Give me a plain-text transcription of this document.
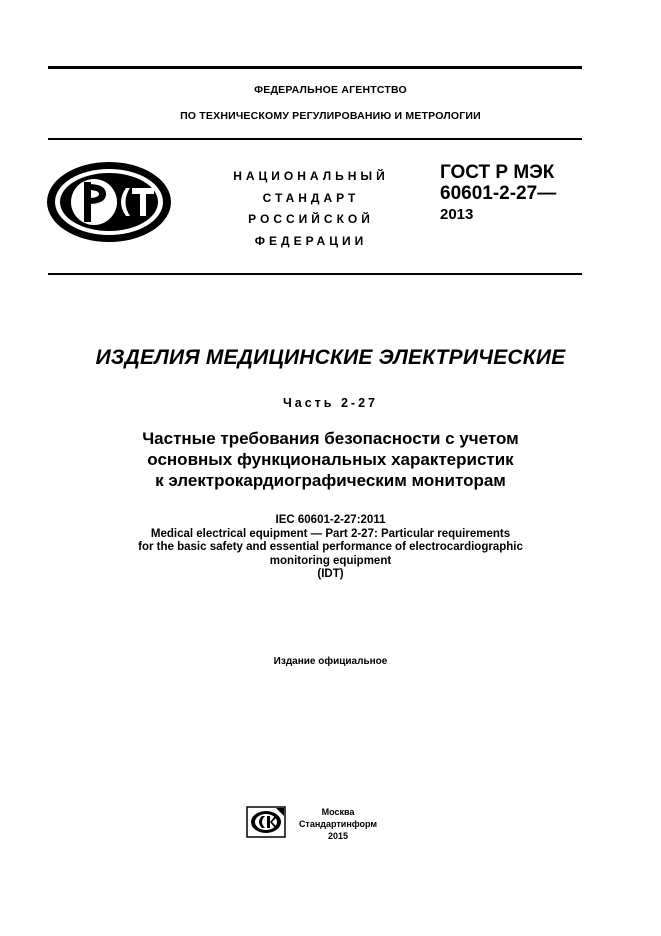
ФЕДЕРАЛЬНОЕ АГЕНТСТВО
ПО ТЕХНИЧЕСКОМУ РЕГУЛИРОВАНИЮ И МЕТРОЛОГИИ
НАЦИОНАЛЬНЫЙ
СТАНДАРТ
РОССИЙСКОЙ
ФЕДЕРАЦИИ
ГОСТ Р МЭК
60601-2-27—
2013
ИЗДЕЛИЯ МЕДИЦИНСКИЕ ЭЛЕКТРИЧЕСКИЕ
Часть 2-27
Частные требования безопасности с учетом
основных функциональных характеристик
к электрокардиографическим мониторам
IEC 60601-2-27:2011
Medical electrical equipment — Part 2-27: Particular requirements
for the basic safety and essential performance of electrocardiographic
monitoring equipment
(IDT)
Издание официальное
Москва
Стандартинформ
2015
